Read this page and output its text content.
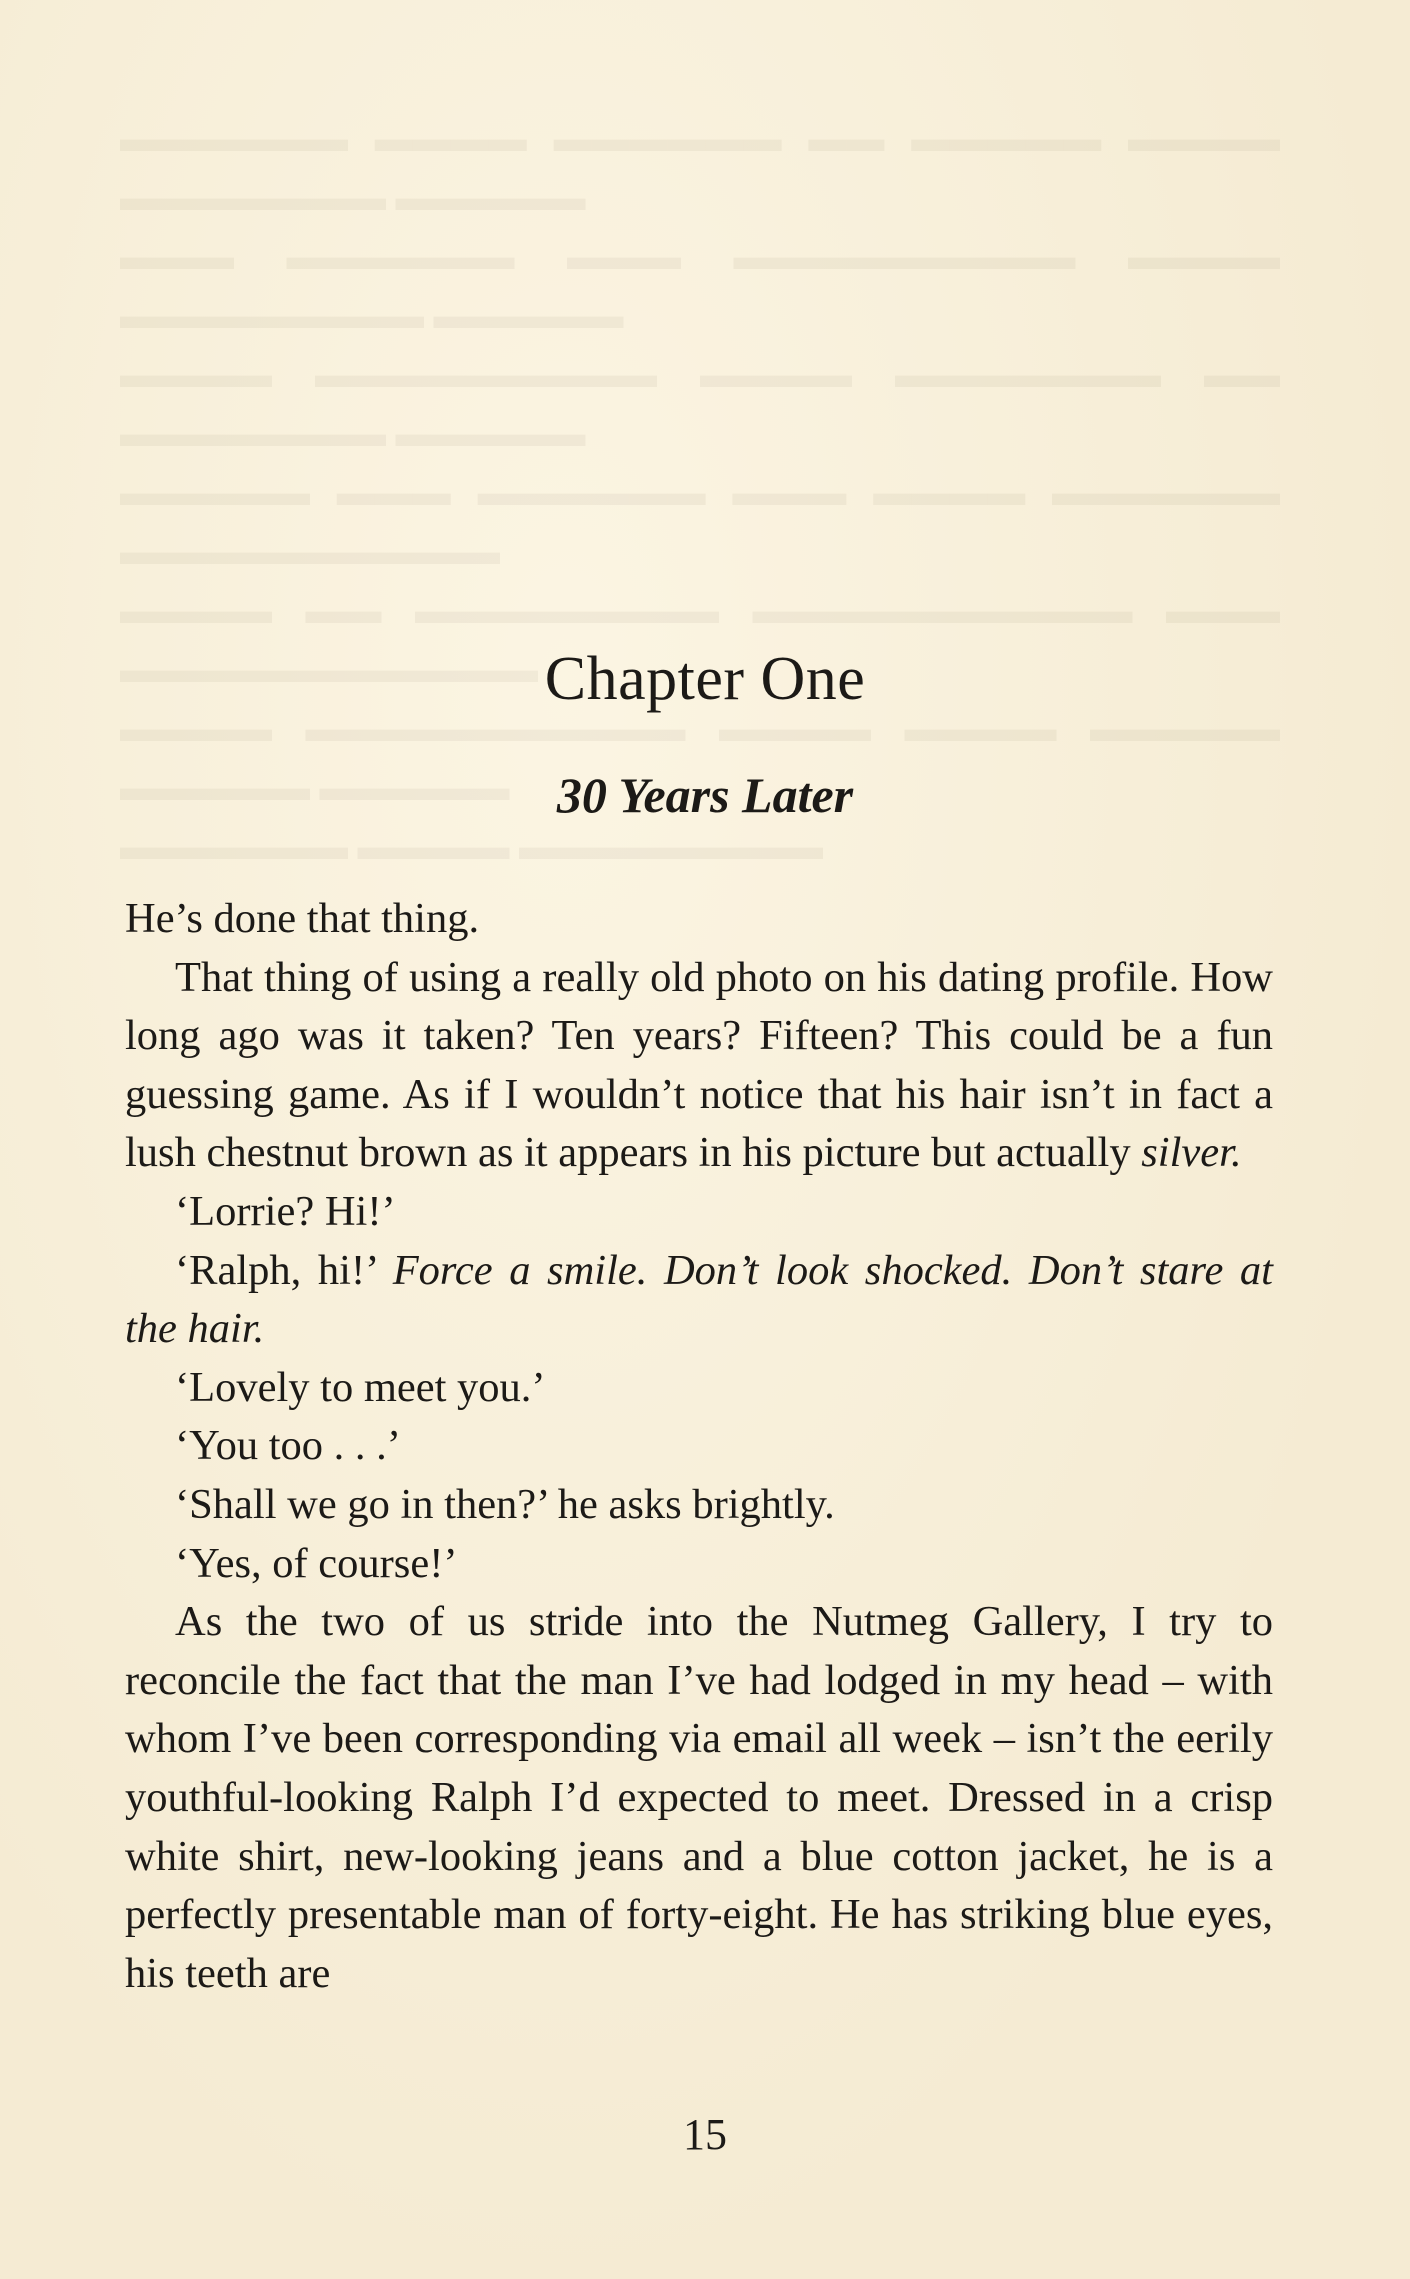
▬▬▬▬▬▬ ▬▬▬▬ ▬▬▬▬▬▬ ▬▬ ▬▬▬▬▬ ▬▬▬▬ ▬▬▬▬▬▬▬ ▬▬▬▬▬
▬▬▬ ▬▬▬▬▬▬ ▬▬▬ ▬▬▬▬▬▬▬▬▬ ▬▬▬▬ ▬▬▬▬▬▬▬▬ ▬▬▬▬▬
▬▬▬▬ ▬▬▬▬▬▬▬▬▬ ▬▬▬▬ ▬▬▬▬▬▬▬ ▬▬ ▬▬▬▬▬▬▬ ▬▬▬▬▬
▬▬▬▬▬ ▬▬▬ ▬▬▬▬▬▬ ▬▬▬ ▬▬▬▬ ▬▬▬▬▬▬ ▬▬▬▬▬▬▬▬▬▬
▬▬▬▬ ▬▬ ▬▬▬▬▬▬▬▬ ▬▬▬▬▬▬▬▬▬▬ ▬▬▬ ▬▬▬▬▬▬▬▬▬▬▬
▬▬▬▬ ▬▬▬▬▬▬▬▬▬▬ ▬▬▬▬ ▬▬▬▬ ▬▬▬▬▬ ▬▬▬▬▬ ▬▬▬▬▬
▬▬▬▬▬▬ ▬▬▬▬ ▬▬▬▬▬▬▬▬
Chapter One
30 Years Later

He’s done that thing.

That thing of using a really old photo on his dating profile. How long ago was it taken? Ten years? Fifteen? This could be a fun guessing game. As if I wouldn’t notice that his hair isn’t in fact a lush chestnut brown as it appears in his picture but actually silver.

‘Lorrie? Hi!’

‘Ralph, hi!’ Force a smile. Don’t look shocked. Don’t stare at the hair.

‘Lovely to meet you.’

‘You too . . .’

‘Shall we go in then?’ he asks brightly.

‘Yes, of course!’

As the two of us stride into the Nutmeg Gallery, I try to reconcile the fact that the man I’ve had lodged in my head – with whom I’ve been corresponding via email all week – isn’t the eerily youthful-looking Ralph I’d expected to meet. Dressed in a crisp white shirt, new-looking jeans and a blue cotton jacket, he is a perfectly presentable man of forty-eight. He has striking blue eyes, his teeth are

15
